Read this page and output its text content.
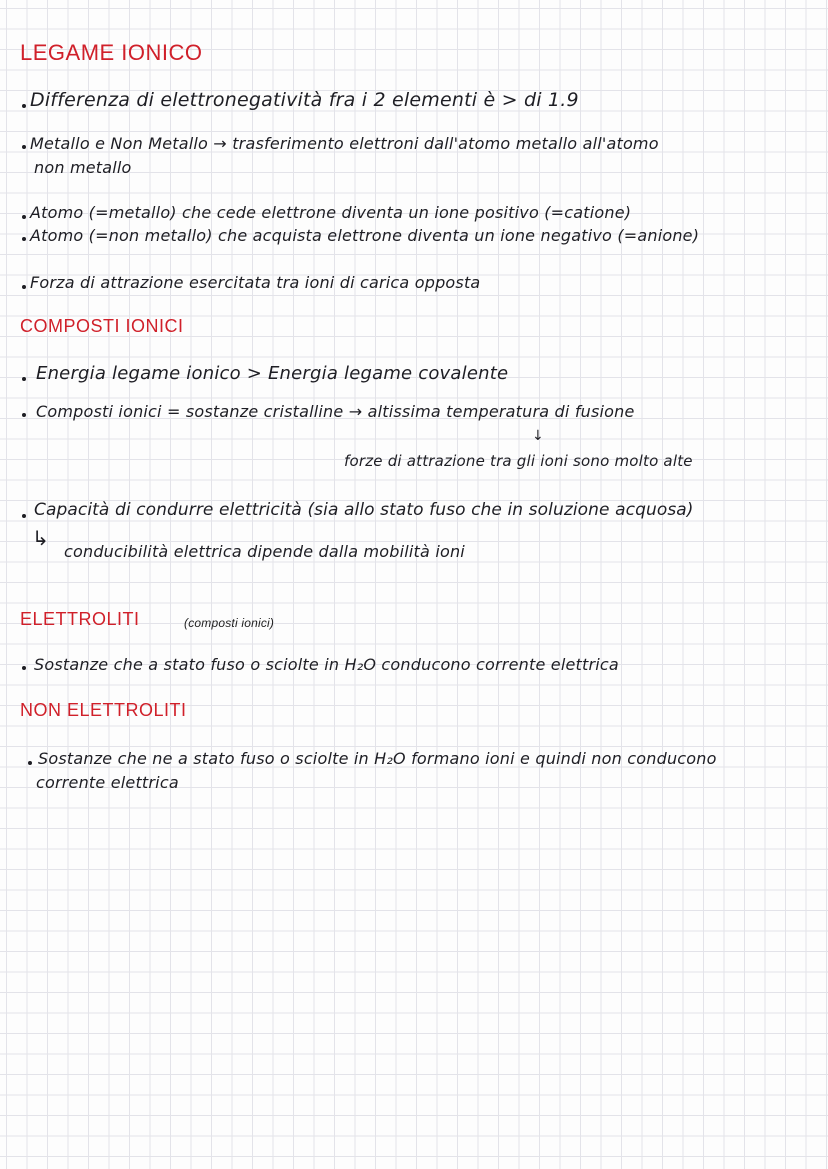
LEGAME IONICO
Differenza di elettronegatività fra i 2 elementi è > di 1.9
Metallo e Non Metallo → trasferimento elettroni dall'atomo metallo all'atomo
non metallo
Atomo (=metallo) che cede elettrone diventa un ione positivo (=catione)
Atomo (=non metallo) che acquista elettrone diventa un ione negativo (=anione)
Forza di attrazione esercitata tra ioni di carica opposta
COMPOSTI IONICI
Energia legame ionico > Energia legame covalente
Composti ionici = sostanze cristalline → altissima temperatura di fusione
↓
forze di attrazione tra gli ioni sono molto alte
Capacità di condurre elettricità (sia allo stato fuso che in soluzione acquosa)
↳
conducibilità elettrica dipende dalla mobilità ioni
ELETTROLITI	(composti ionici)
Sostanze che a stato fuso o sciolte in H₂O conducono corrente elettrica
NON ELETTROLITI
Sostanze che ne a stato fuso o sciolte in H₂O formano ioni e quindi non conducono
corrente elettrica
